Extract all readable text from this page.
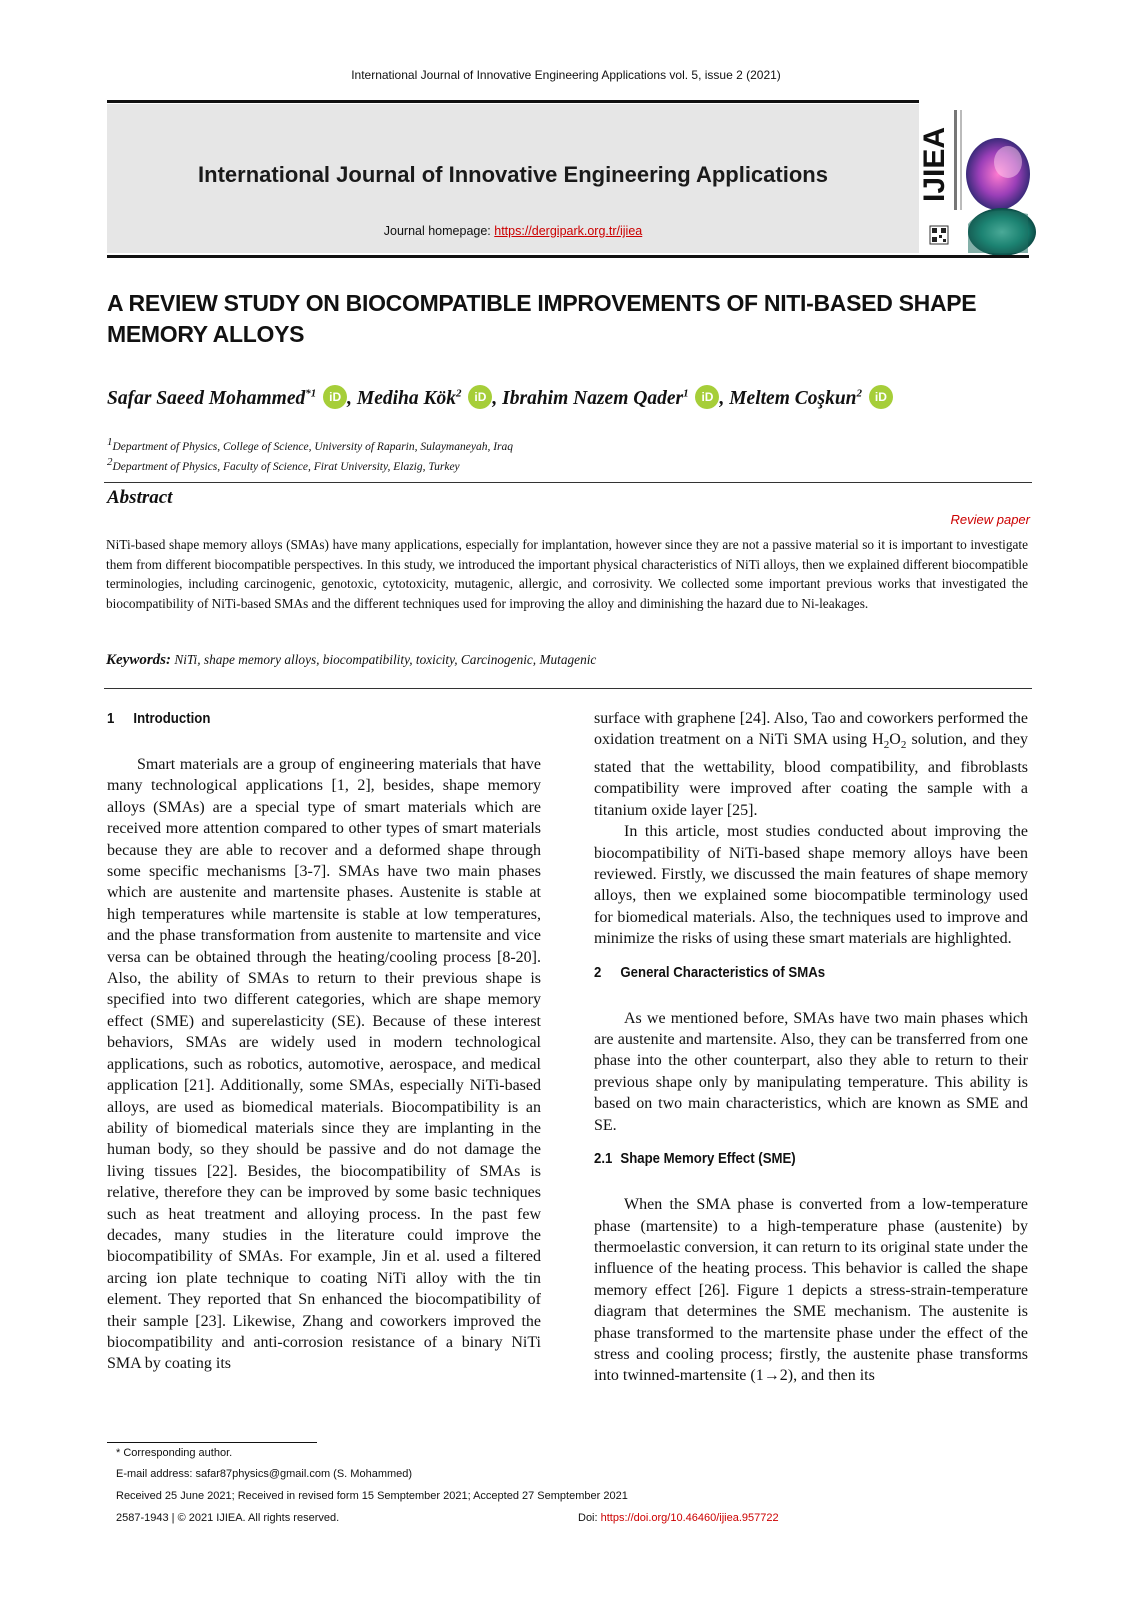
International Journal of Innovative Engineering Applications vol. 5, issue 2 (2021)
International Journal of Innovative Engineering Applications
Journal homepage: https://dergipark.org.tr/ijiea
IJIEA
A REVIEW STUDY ON BIOCOMPATIBLE IMPROVEMENTS OF NITI-BASED SHAPE MEMORY ALLOYS
Safar Saeed Mohammed$^{*1}$ iD , Mediha Kök$^2$ iD , Ibrahim Nazem Qader$^1$ iD , Meltem Coşkun$^2$ iD
$^1$Department of Physics, College of Science, University of Raparin, Sulaymaneyah, Iraq
$^2$Department of Physics, Faculty of Science, Firat University, Elazig, Turkey
Abstract
Review paper
NiTi-based shape memory alloys (SMAs) have many applications, especially for implantation, however since they are not a passive material so it is important to investigate them from different biocompatible perspectives. In this study, we introduced the important physical characteristics of NiTi alloys, then we explained different biocompatible terminologies, including carcinogenic, genotoxic, cytotoxicity, mutagenic, allergic, and corrosivity. We collected some important previous works that investigated the biocompatibility of NiTi-based SMAs and the different techniques used for improving the alloy and diminishing the hazard due to Ni-leakages.
Keywords: NiTi, shape memory alloys, biocompatibility, toxicity, Carcinogenic, Mutagenic
1 Introduction

Smart materials are a group of engineering materials that have many technological applications [1, 2], besides, shape memory alloys (SMAs) are a special type of smart materials which are received more attention compared to other types of smart materials because they are able to recover and a deformed shape through some specific mechanisms [3-7]. SMAs have two main phases which are austenite and martensite phases. Austenite is stable at high temperatures while martensite is stable at low temperatures, and the phase transformation from austenite to martensite and vice versa can be obtained through the heating/cooling process [8-20]. Also, the ability of SMAs to return to their previous shape is specified into two different categories, which are shape memory effect (SME) and superelasticity (SE). Because of these interest behaviors, SMAs are widely used in modern technological applications, such as robotics, automotive, aerospace, and medical application [21]. Additionally, some SMAs, especially NiTi-based alloys, are used as biomedical materials. Biocompatibility is an ability of biomedical materials since they are implanting in the human body, so they should be passive and do not damage the living tissues [22]. Besides, the biocompatibility of SMAs is relative, therefore they can be improved by some basic techniques such as heat treatment and alloying process. In the past few decades, many studies in the literature could improve the biocompatibility of SMAs. For example, Jin et al. used a filtered arcing ion plate technique to coating NiTi alloy with the tin element. They reported that Sn enhanced the biocompatibility of their sample [23]. Likewise, Zhang and coworkers improved the biocompatibility and anti-corrosion resistance of a binary NiTi SMA by coating its

surface with graphene [24]. Also, Tao and coworkers performed the oxidation treatment on a NiTi SMA using $H_2O_2$ solution, and they stated that the wettability, blood compatibility, and fibroblasts compatibility were improved after coating the sample with a titanium oxide layer [25].

In this article, most studies conducted about improving the biocompatibility of NiTi-based shape memory alloys have been reviewed. Firstly, we discussed the main features of shape memory alloys, then we explained some biocompatible terminology used for biomedical materials. Also, the techniques used to improve and minimize the risks of using these smart materials are highlighted.

2 General Characteristics of SMAs

As we mentioned before, SMAs have two main phases which are austenite and martensite. Also, they can be transferred from one phase into the other counterpart, also they able to return to their previous shape only by manipulating temperature. This ability is based on two main characteristics, which are known as SME and SE.

2.1 Shape Memory Effect (SME)

When the SMA phase is converted from a low-temperature phase (martensite) to a high-temperature phase (austenite) by thermoelastic conversion, it can return to its original state under the influence of the heating process. This behavior is called the shape memory effect [26]. Figure 1 depicts a stress-strain-temperature diagram that determines the SME mechanism. The austenite is phase transformed to the martensite phase under the effect of the stress and cooling process; firstly, the austenite phase transforms into twinned-martensite (1→2), and then its

* Corresponding author.
E-mail address: safar87physics@gmail.com (S. Mohammed)
Received 25 June 2021; Received in revised form 15 Semptember 2021; Accepted 27 Semptember 2021
2587-1943 | © 2021 IJIEA. All rights reserved.	Doi: https://doi.org/10.46460/ijiea.957722
